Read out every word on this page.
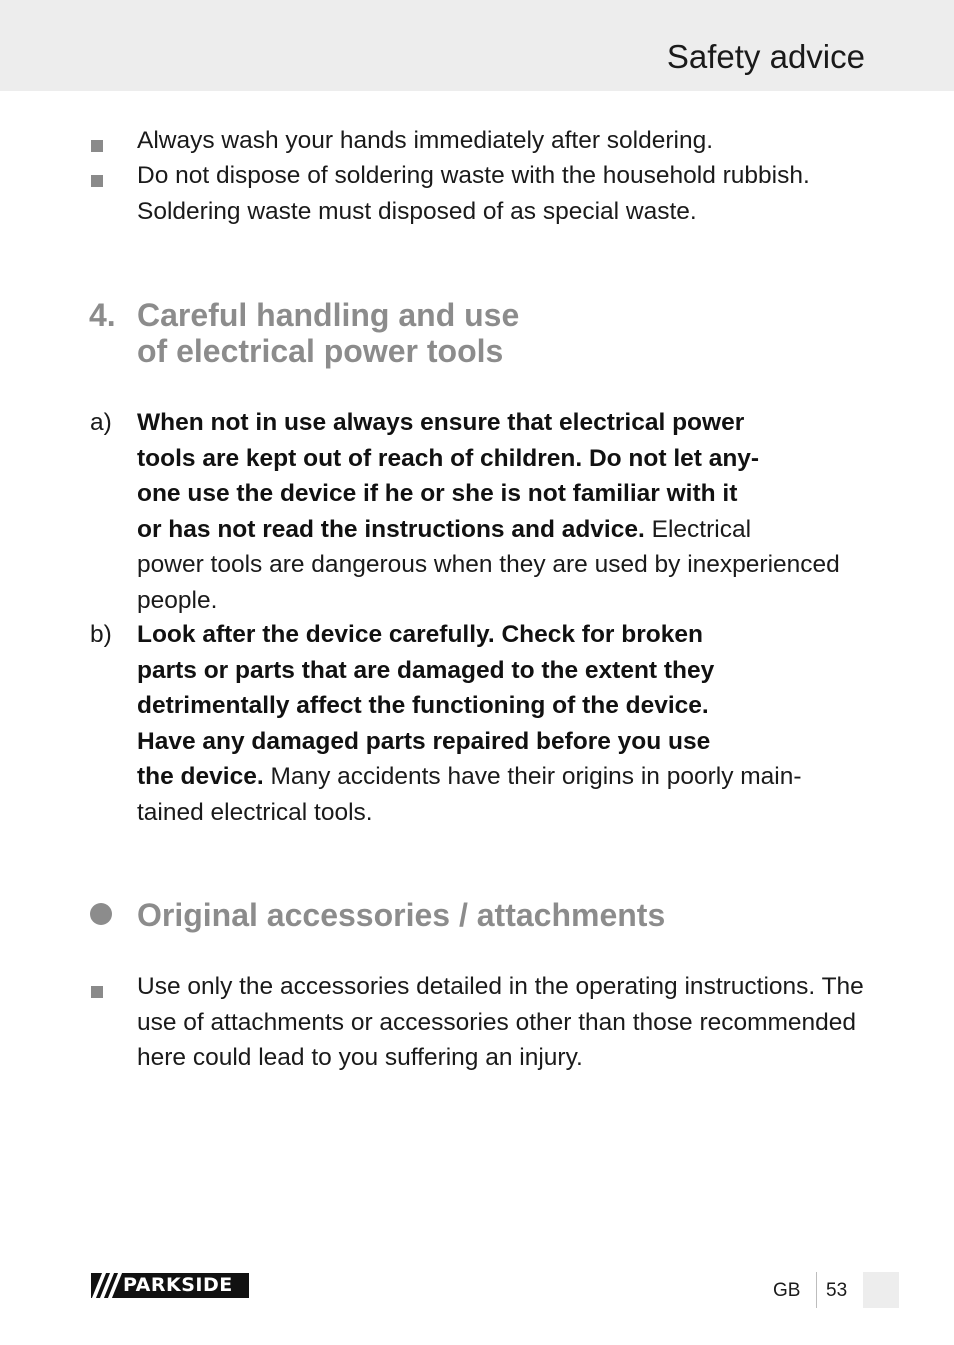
Safety advice
Always wash your hands immediately after soldering.
Do not dispose of soldering waste with the household rubbish.
Soldering waste must disposed of as special waste.
4. Careful handling and use
of electrical power tools
a) When not in use always ensure that electrical power
tools are kept out of reach of children. Do not let any-
one use the device if he or she is not familiar with it
or has not read the instructions and advice. Electrical
power tools are dangerous when they are used by inexperienced
people.
b) Look after the device carefully. Check for broken
parts or parts that are damaged to the extent they
detrimentally affect the functioning of the device.
Have any damaged parts repaired before you use
the device. Many accidents have their origins in poorly main-
tained electrical tools.
Original accessories / attachments
Use only the accessories detailed in the operating instructions. The
use of attachments or accessories other than those recommended
here could lead to you suffering an injury.
PARKSIDE	GB 53
